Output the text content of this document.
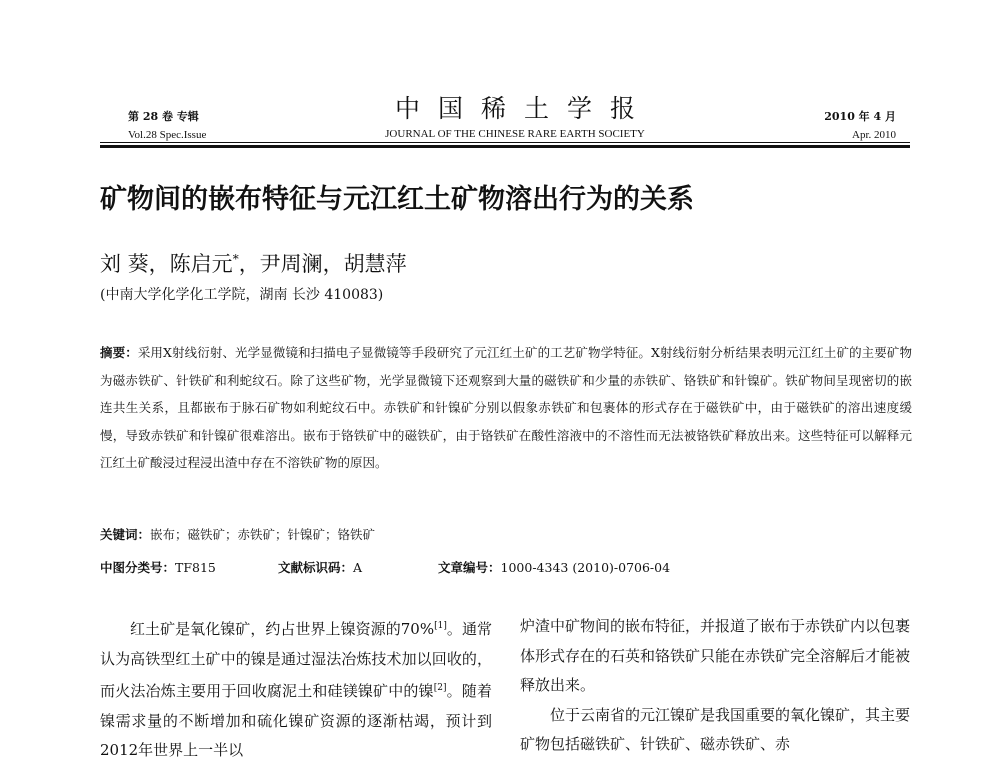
第 28 卷 专辑
Vol.28 Spec.Issue
中国稀土学报
JOURNAL OF THE CHINESE RARE EARTH SOCIETY
2010 年 4 月
Apr. 2010
矿物间的嵌布特征与元江红土矿物溶出行为的关系
刘 葵，陈启元*，尹周澜，胡慧萍
(中南大学化学化工学院，湖南 长沙 410083)
摘要：采用X射线衍射、光学显微镜和扫描电子显微镜等手段研究了元江红土矿的工艺矿物学特征。X射线衍射分析结果表明元江红土矿的主要矿物为磁赤铁矿、针铁矿和利蛇纹石。除了这些矿物，光学显微镜下还观察到大量的磁铁矿和少量的赤铁矿、铬铁矿和针镍矿。铁矿物间呈现密切的嵌连共生关系，且都嵌布于脉石矿物如利蛇纹石中。赤铁矿和针镍矿分别以假象赤铁矿和包裹体的形式存在于磁铁矿中，由于磁铁矿的溶出速度缓慢，导致赤铁矿和针镍矿很难溶出。嵌布于铬铁矿中的磁铁矿，由于铬铁矿在酸性溶液中的不溶性而无法被铬铁矿释放出来。这些特征可以解释元江红土矿酸浸过程浸出渣中存在不溶铁矿物的原因。
关键词：嵌布；磁铁矿；赤铁矿；针镍矿；铬铁矿
中图分类号：TF815	文献标识码：A	文章编号：1000-4343 (2010)-0706-04

红土矿是氧化镍矿，约占世界上镍资源的70%[1]。通常认为高铁型红土矿中的镍是通过湿法冶炼技术加以回收的，而火法冶炼主要用于回收腐泥土和硅镁镍矿中的镍[2]。随着镍需求量的不断增加和硫化镍矿资源的逐渐枯竭，预计到2012年世界上一半以

炉渣中矿物间的嵌布特征，并报道了嵌布于赤铁矿内以包裹体形式存在的石英和铬铁矿只能在赤铁矿完全溶解后才能被释放出来。

位于云南省的元江镍矿是我国重要的氧化镍矿，其主要矿物包括磁铁矿、针铁矿、磁赤铁矿、赤
